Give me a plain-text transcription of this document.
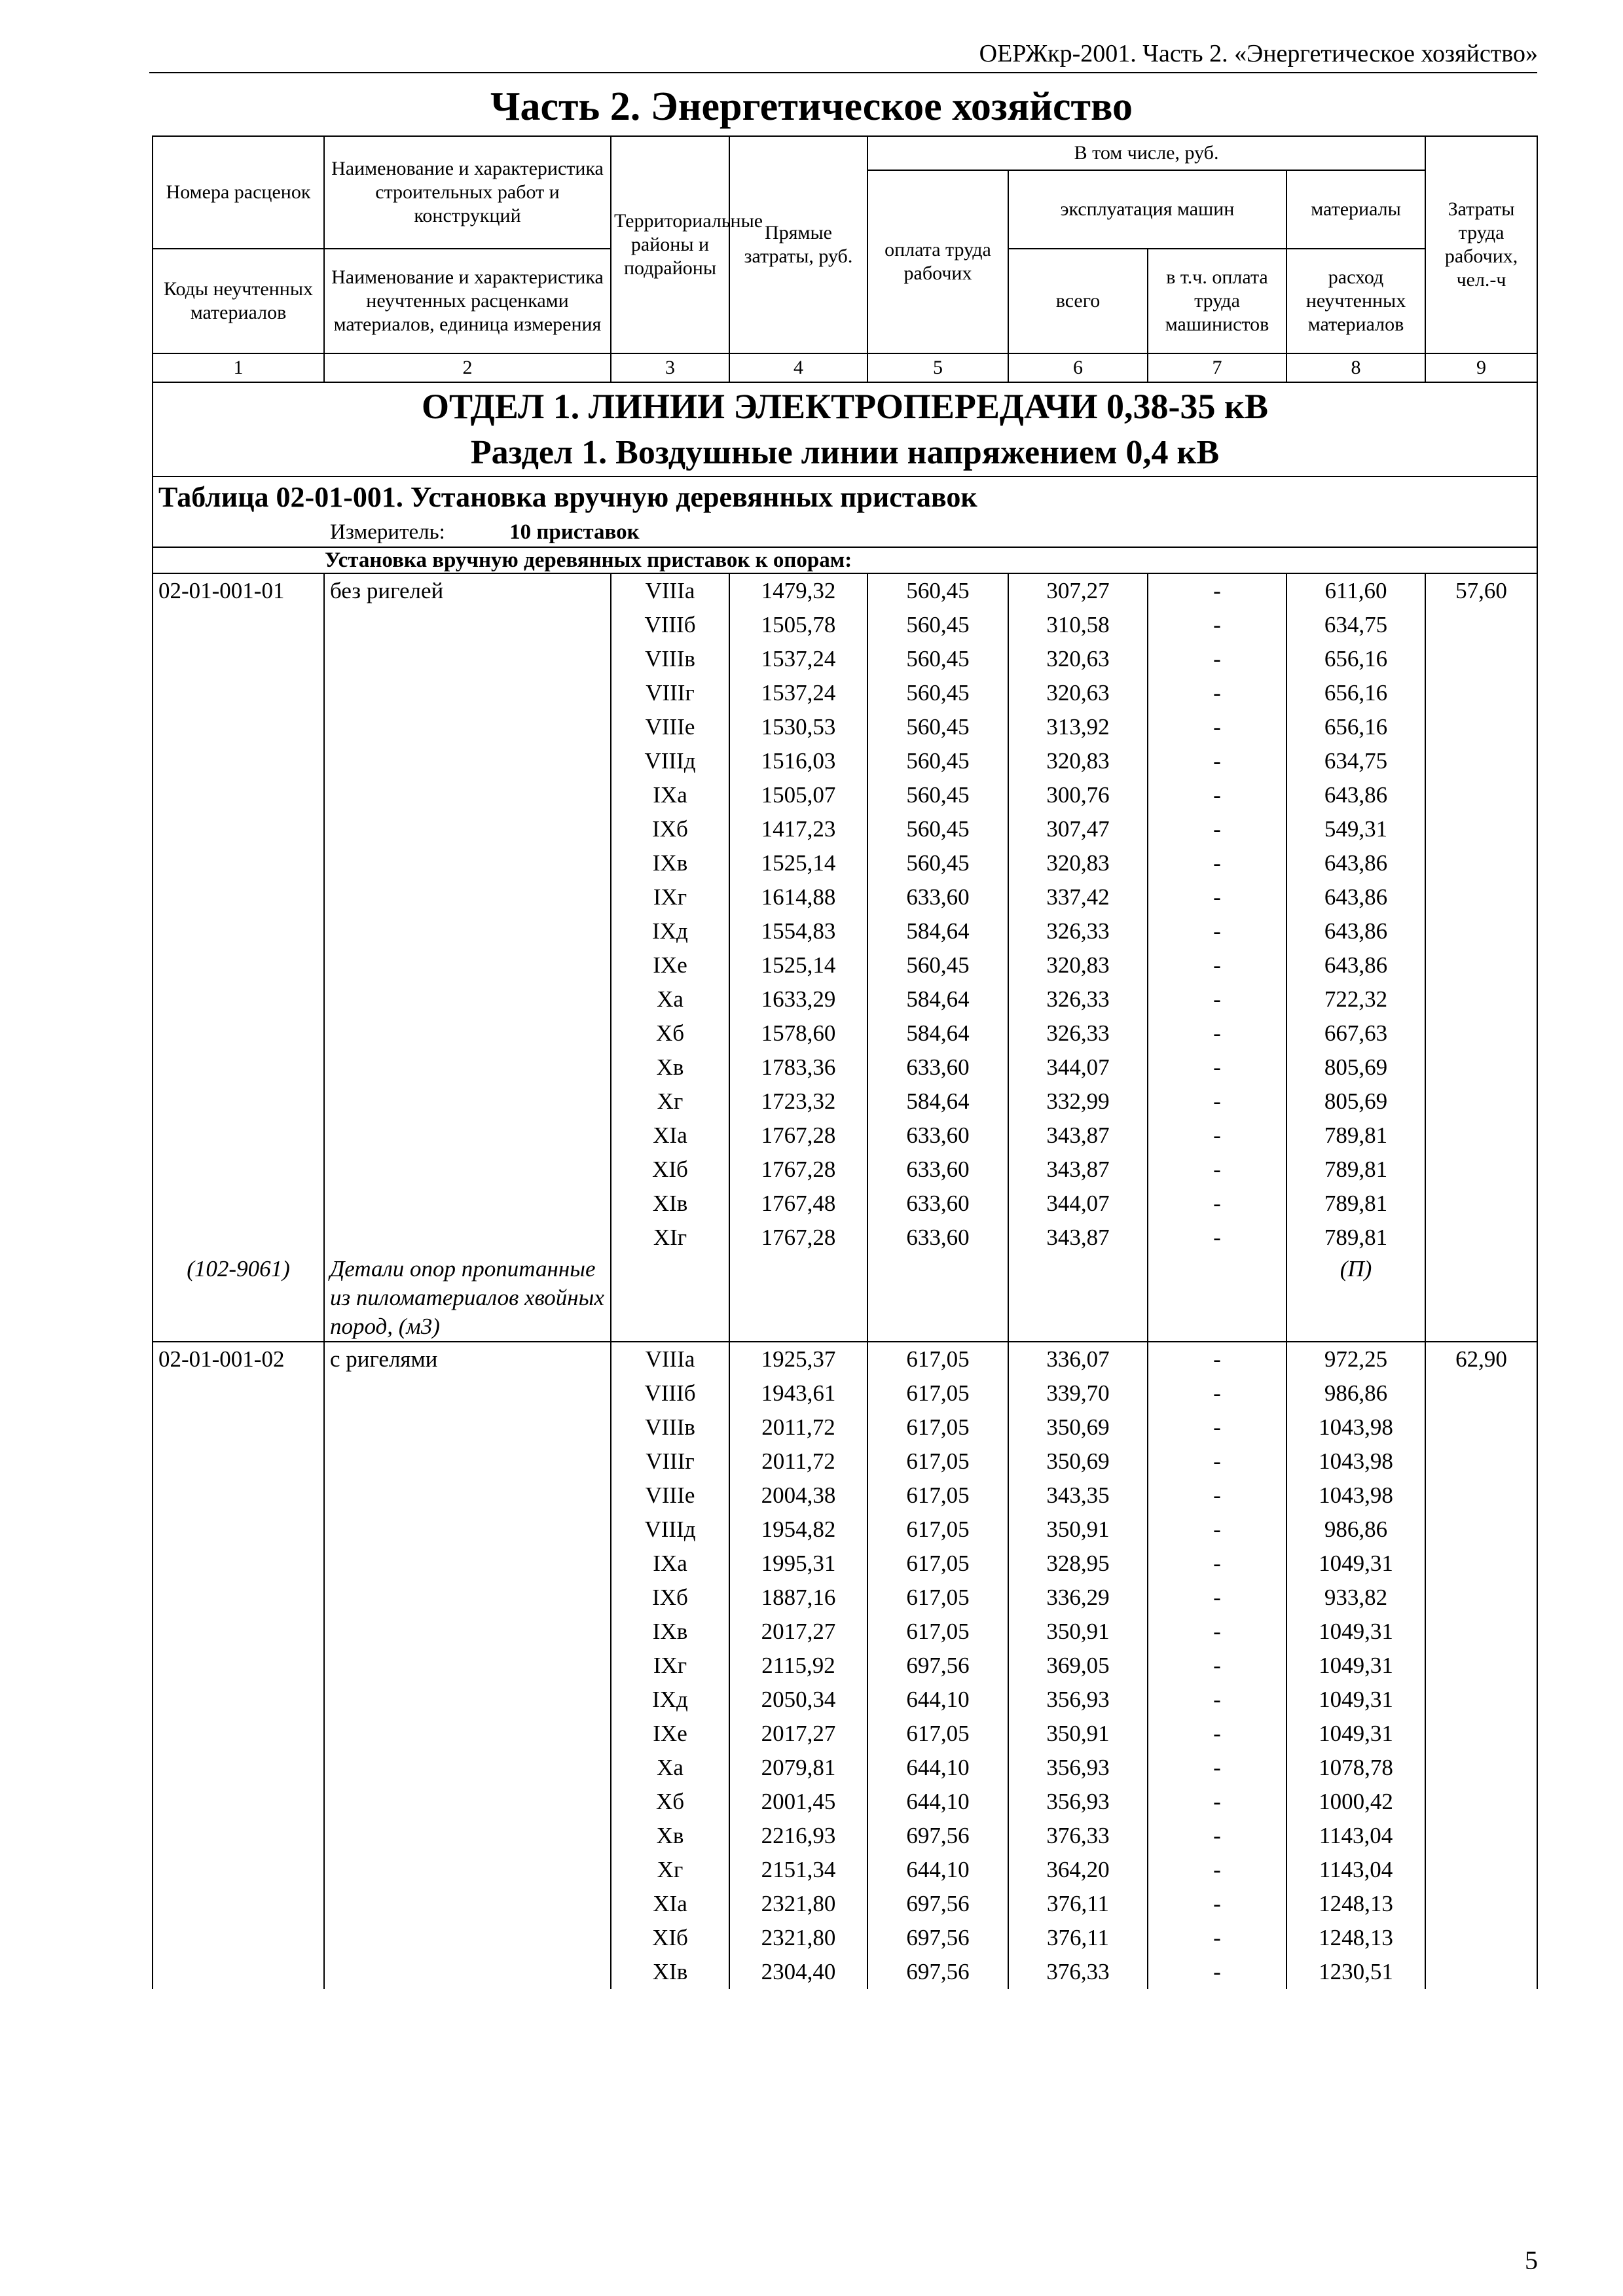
ОЕРЖкр-2001. Часть 2. «Энергетическое хозяйство»
Часть 2. Энергетическое хозяйство
Номера расценок	Наименование и характеристика строительных работ и конструкций	Территориальные районы и подрайоны	Прямые затраты, руб.	В том числе, руб.				Затраты труда рабочих, чел.-ч
				оплата труда рабочих	эксплуатация машин		материалы	
Коды неучтенных материалов	Наименование и характеристика неучтенных расценками материалов, единица измерения				всего	в т.ч. оплата труда машинистов	расход неучтенных материалов	
1	2	3	4	5	6	7	8	9

ОТДЕЛ 1. ЛИНИИ ЭЛЕКТРОПЕРЕДАЧИ 0,38-35 кВ
Раздел 1. Воздушные линии напряжением 0,4 кВ								

Таблица 02-01-001. Установка вручную деревянных приставок
Измеритель: 10 приставок								

Установка вручную деревянных приставок к опорам:								
02-01-001-01	без ригелей	VIIIа	1479,32	560,45	307,27	-	611,60	57,60
		VIIIб	1505,78	560,45	310,58	-	634,75	
		VIIIв	1537,24	560,45	320,63	-	656,16	
		VIIIг	1537,24	560,45	320,63	-	656,16	
		VIIIе	1530,53	560,45	313,92	-	656,16	
		VIIIд	1516,03	560,45	320,83	-	634,75	
		IXа	1505,07	560,45	300,76	-	643,86	
		IXб	1417,23	560,45	307,47	-	549,31	
		IXв	1525,14	560,45	320,83	-	643,86	
		IXг	1614,88	633,60	337,42	-	643,86	
		IXд	1554,83	584,64	326,33	-	643,86	
		IXе	1525,14	560,45	320,83	-	643,86	
		Xа	1633,29	584,64	326,33	-	722,32	
		Xб	1578,60	584,64	326,33	-	667,63	
		Xв	1783,36	633,60	344,07	-	805,69	
		Xг	1723,32	584,64	332,99	-	805,69	
		XIа	1767,28	633,60	343,87	-	789,81	
		XIб	1767,28	633,60	343,87	-	789,81	
		XIв	1767,48	633,60	344,07	-	789,81	
		XIг	1767,28	633,60	343,87	-	789,81	
(102-9061)	Детали опор пропитанные из пиломатериалов хвойных пород, (м3)						(П)	
02-01-001-02	с ригелями	VIIIа	1925,37	617,05	336,07	-	972,25	62,90
		VIIIб	1943,61	617,05	339,70	-	986,86	
		VIIIв	2011,72	617,05	350,69	-	1043,98	
		VIIIг	2011,72	617,05	350,69	-	1043,98	
		VIIIе	2004,38	617,05	343,35	-	1043,98	
		VIIIд	1954,82	617,05	350,91	-	986,86	
		IXа	1995,31	617,05	328,95	-	1049,31	
		IXб	1887,16	617,05	336,29	-	933,82	
		IXв	2017,27	617,05	350,91	-	1049,31	
		IXг	2115,92	697,56	369,05	-	1049,31	
		IXд	2050,34	644,10	356,93	-	1049,31	
		IXе	2017,27	617,05	350,91	-	1049,31	
		Xа	2079,81	644,10	356,93	-	1078,78	
		Xб	2001,45	644,10	356,93	-	1000,42	
		Xв	2216,93	697,56	376,33	-	1143,04	
		Xг	2151,34	644,10	364,20	-	1143,04	
		XIа	2321,80	697,56	376,11	-	1248,13	
		XIб	2321,80	697,56	376,11	-	1248,13	
		XIв	2304,40	697,56	376,33	-	1230,51	
5
